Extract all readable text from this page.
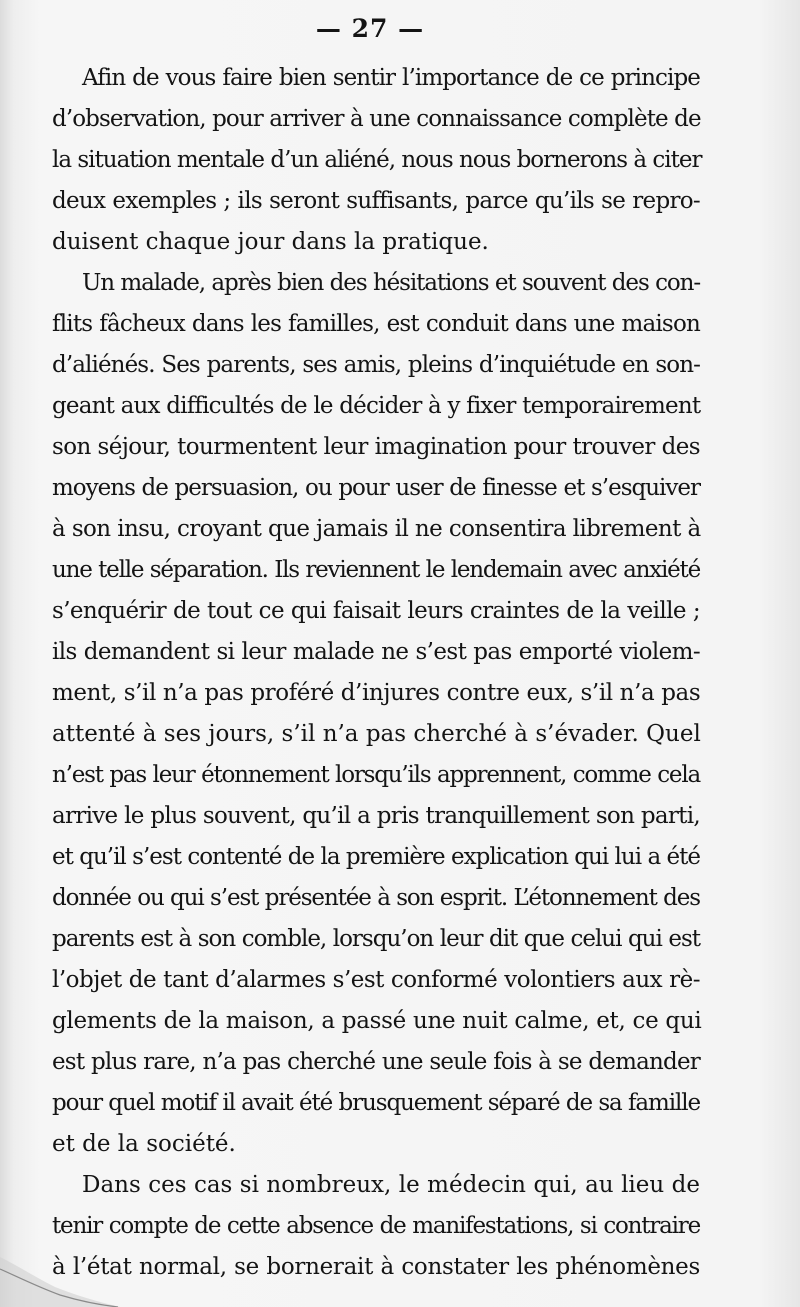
— 27 —
Afin de vous faire bien sentir l’importance de ce principe
d’observation, pour arriver à une connaissance complète de
la situation mentale d’un aliéné, nous nous bornerons à citer
deux exemples ; ils seront suffisants, parce qu’ils se repro-
duisent chaque jour dans la pratique.
Un malade, après bien des hésitations et souvent des con-
flits fâcheux dans les familles, est conduit dans une maison
d’aliénés. Ses parents, ses amis, pleins d’inquiétude en son-
geant aux difficultés de le décider à y fixer temporairement
son séjour, tourmentent leur imagination pour trouver des
moyens de persuasion, ou pour user de finesse et s’esquiver
à son insu, croyant que jamais il ne consentira librement à
une telle séparation. Ils reviennent le lendemain avec anxiété
s’enquérir de tout ce qui faisait leurs craintes de la veille ;
ils demandent si leur malade ne s’est pas emporté violem-
ment, s’il n’a pas proféré d’injures contre eux, s’il n’a pas
attenté à ses jours, s’il n’a pas cherché à s’évader. Quel
n’est pas leur étonnement lorsqu’ils apprennent, comme cela
arrive le plus souvent, qu’il a pris tranquillement son parti,
et qu’il s’est contenté de la première explication qui lui a été
donnée ou qui s’est présentée à son esprit. L’étonnement des
parents est à son comble, lorsqu’on leur dit que celui qui est
l’objet de tant d’alarmes s’est conformé volontiers aux rè-
glements de la maison, a passé une nuit calme, et, ce qui
est plus rare, n’a pas cherché une seule fois à se demander
pour quel motif il avait été brusquement séparé de sa famille
et de la société.
Dans ces cas si nombreux, le médecin qui, au lieu de
tenir compte de cette absence de manifestations, si contraire
à l’état normal, se bornerait à constater les phénomènes
